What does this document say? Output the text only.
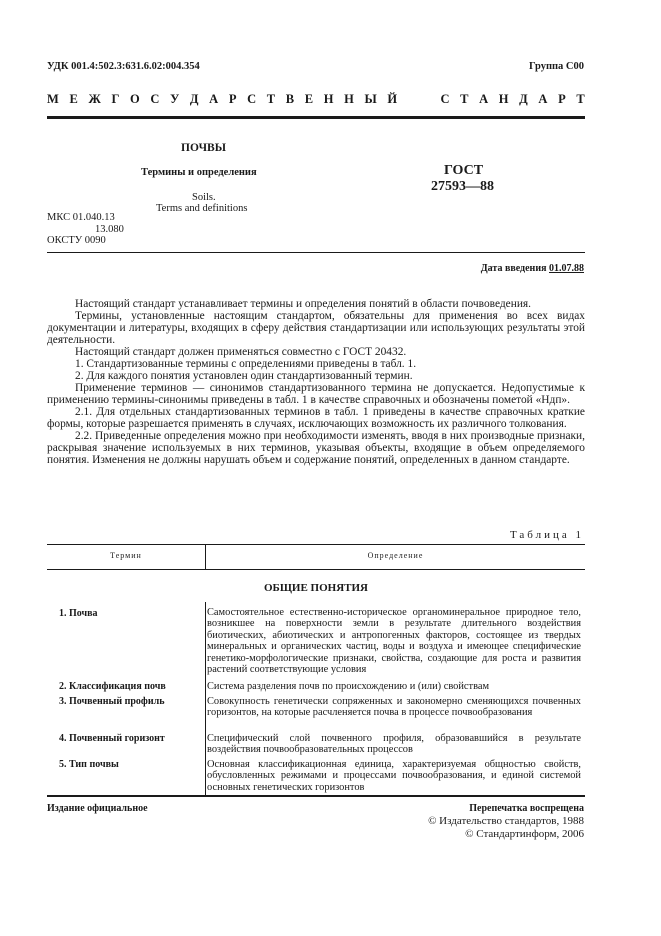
УДК 001.4:502.3:631.6.02:004.354	Группа С00
М Е Ж Г О С У Д А Р С Т В Е Н Н Ы Й	С Т А Н Д А Р Т
ПОЧВЫ
Термины и определения
Soils.
Terms and definitions
ГОСТ
27593—88
МКС 01.040.13
13.080
ОКСТУ 0090
Дата введения 01.07.88

Настоящий стандарт устанавливает термины и определения понятий в области почвоведения.

Термины, установленные настоящим стандартом, обязательны для применения во всех видах документации и литературы, входящих в сферу действия стандартизации или использующих результаты этой деятельности.

Настоящий стандарт должен применяться совместно с ГОСТ 20432.

1. Стандартизованные термины с определениями приведены в табл. 1.

2. Для каждого понятия установлен один стандартизованный термин.

Применение терминов — синонимов стандартизованного термина не допускается. Недопустимые к применению термины-синонимы приведены в табл. 1 в качестве справочных и обозначены пометой «Ндп».

2.1. Для отдельных стандартизованных терминов в табл. 1 приведены в качестве справочных краткие формы, которые разрешается применять в случаях, исключающих возможность их различного толкования.

2.2. Приведенные определения можно при необходимости изменять, вводя в них производные признаки, раскрывая значение используемых в них терминов, указывая объекты, входящие в объем определяемого понятия. Изменения не должны нарушать объем и содержание понятий, определенных в данном стандарте.

Таблица 1
Термин	Определение
ОБЩИЕ ПОНЯТИЯ
1. Почва	Самостоятельное естественно-историческое органоминеральное природное тело, возникшее на поверхности земли в результате длительного воздействия биотических, абиотических и антропогенных факторов, состоящее из твердых минеральных и органических частиц, воды и воздуха и имеющее специфические генетико-морфологические признаки, свойства, создающие для роста и развития растений соответствующие условия
2. Классификация почв	Система разделения почв по происхождению и (или) свойствам
3. Почвенный профиль	Совокупность генетически сопряженных и закономерно сменяющихся почвенных горизонтов, на которые расчленяется почва в процессе почвообразования
4. Почвенный горизонт	Специфический слой почвенного профиля, образовавшийся в результате воздействия почвообразовательных процессов
5. Тип почвы	Основная классификационная единица, характеризуемая общностью свойств, обусловленных режимами и процессами почвообразования, и единой системой основных генетических горизонтов
Издание официальное	Перепечатка воспрещена
© Издательство стандартов, 1988
© Стандартинформ, 2006
